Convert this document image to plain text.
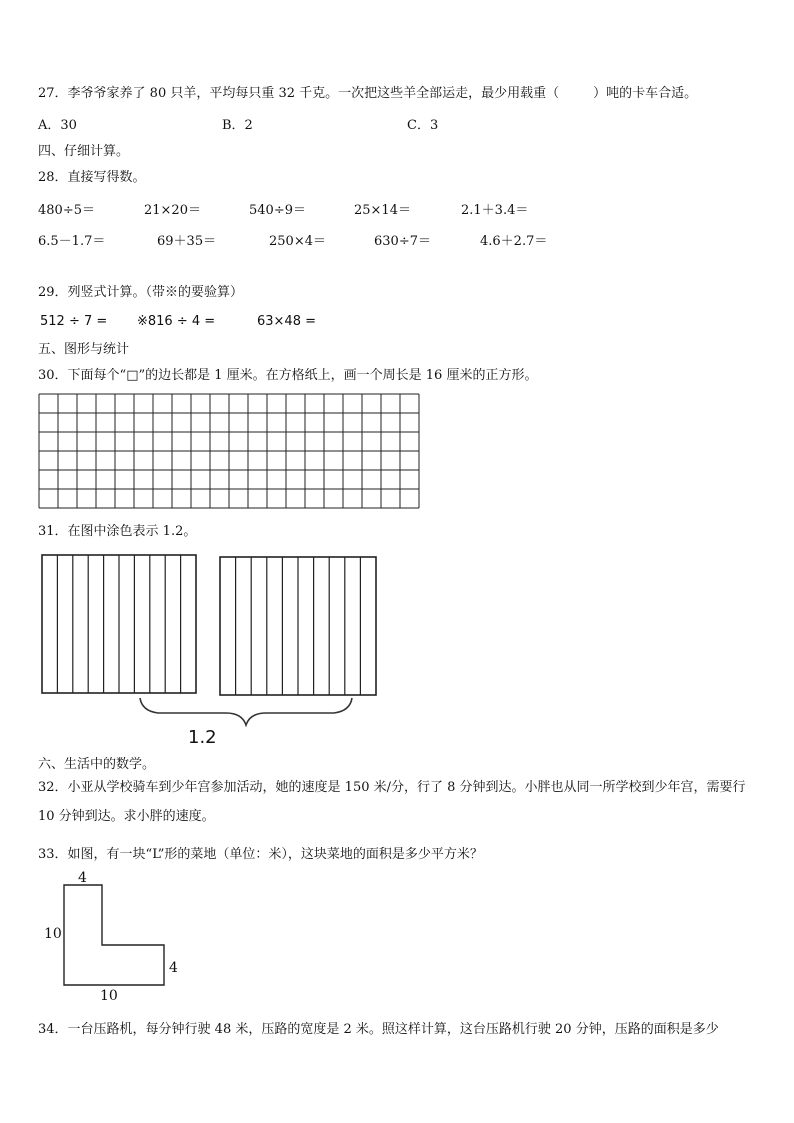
27．李爷爷家养了 80 只羊，平均每只重 32 千克。一次把这些羊全部运走，最少用载重（	）吨的卡车合适。
A．30	B．2	C．3
四、仔细计算。
28．直接写得数。
480÷5＝	21×20＝	540÷9＝	25×14＝	2.1＋3.4＝
6.5－1.7＝	69＋35＝	250×4＝	630÷7＝	4.6＋2.7＝
29．列竖式计算。（带※的要验算）
512 ÷ 7 = ※816 ÷ 4 =	63×48 =
五、图形与统计
30．下面每个“□”的边长都是 1 厘米。在方格纸上，画一个周长是 16 厘米的正方形。
31．在图中涂色表示 1.2。
1.2
六、生活中的数学。
32．小亚从学校骑车到少年宫参加活动，她的速度是 150 米/分，行了 8 分钟到达。小胖也从同一所学校到少年宫，需要行 10 分钟到达。求小胖的速度。
33．如图，有一块“L”形的菜地（单位：米），这块菜地的面积是多少平方米？
4
10
4
10
34．一台压路机，每分钟行驶 48 米，压路的宽度是 2 米。照这样计算，这台压路机行驶 20 分钟，压路的面积是多少
